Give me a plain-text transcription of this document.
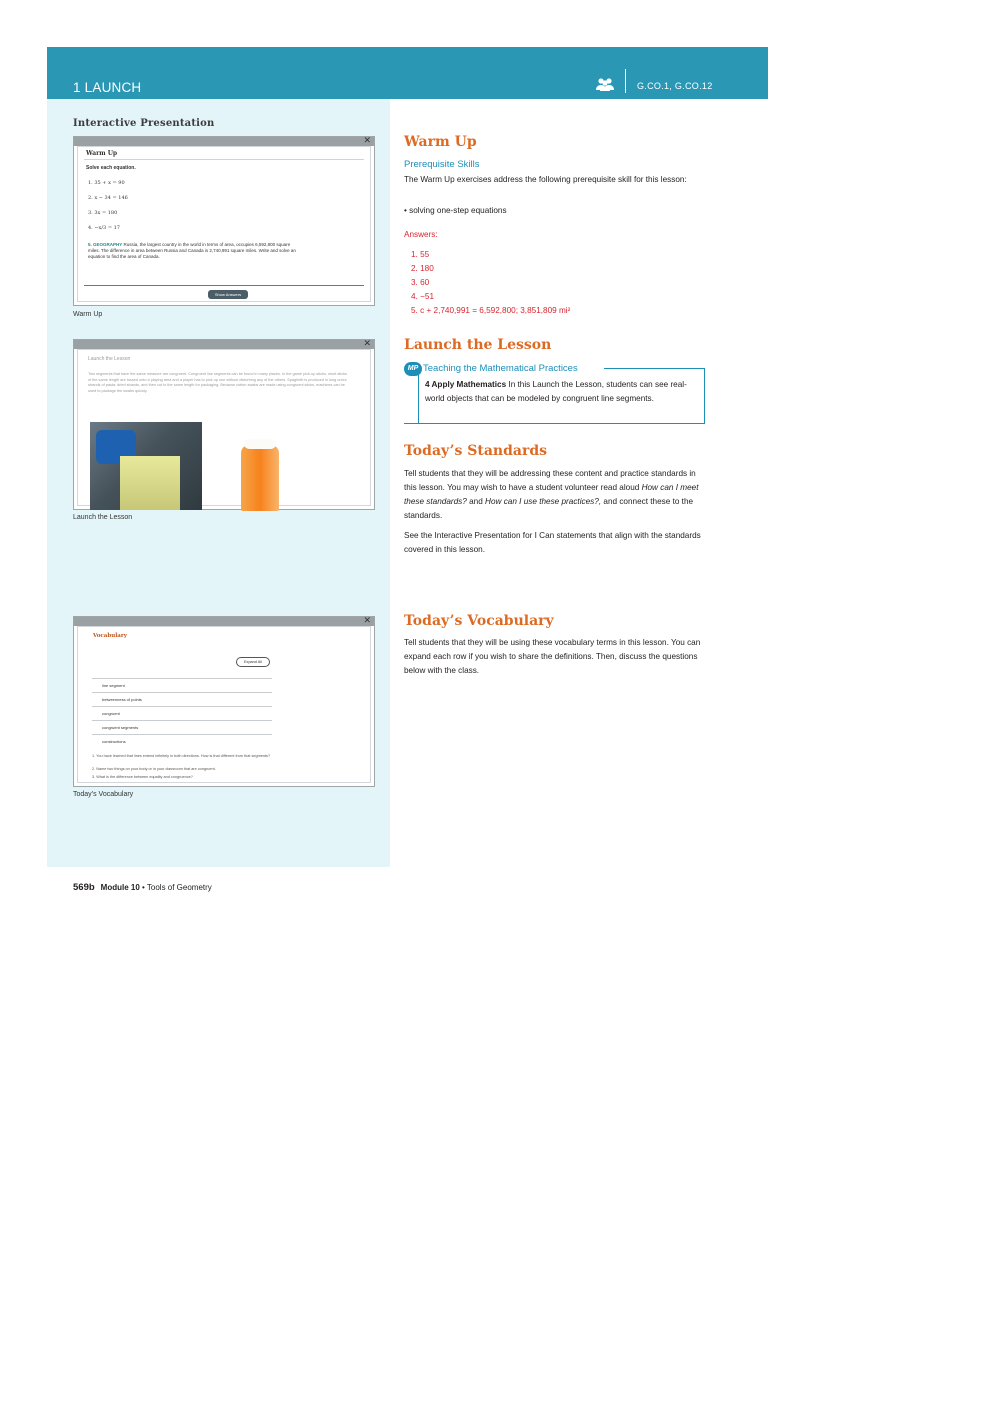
1 LAUNCH	G.CO.1, G.CO.12
Interactive Presentation
✕
Warm Up
Solve each equation.
1. 35 + x = 90
2. x − 34 = 146
3. 3x = 180
4. −x/3 = 17
5. GEOGRAPHY Russia, the largest country in the world in terms of area, occupies 6,592,800 square miles. The difference in area between Russia and Canada is 2,740,991 square miles. Write and solve an equation to find the area of Canada.
Show Answers
Warm Up
✕
Launch the Lesson
Two segments that have the same measure are congruent. Congruent line segments can be found in many places. In the game pick-up sticks, short sticks of the same length are tossed onto a playing area and a player has to pick up one without disturbing any of the others. Spaghetti is produced in long uncut strands of pasta; dried strands, and then cut to the same length for packaging. Because cotton swabs are made using congruent sticks, machines can be used to package the swabs quickly.
Launch the Lesson
✕
Vocabulary
Expand All
line segment
betweenness of points
congruent
congruent segments
constructions
1. You have learned that lines extend infinitely in both directions. How is that different from that segments?
2. Name two things on your body or in your classroom that are congruent.
3. What is the difference between equality and congruence?
Today’s Vocabulary
Warm Up
Prerequisite Skills
The Warm Up exercises address the following prerequisite skill for this lesson:
• solving one-step equations
Answers:
1. 55
2. 180
3. 60
4. −51
5. c + 2,740,991 = 6,592,800; 3,851,809 mi²
Launch the Lesson
MP Teaching the Mathematical Practices
4 Apply Mathematics In this Launch the Lesson, students can see real-world objects that can be modeled by congruent line segments.
Today’s Standards
Tell students that they will be addressing these content and practice standards in this lesson. You may wish to have a student volunteer read aloud How can I meet these standards? and How can I use these practices?, and connect these to the standards.
See the Interactive Presentation for I Can statements that align with the standards covered in this lesson.
Today’s Vocabulary
Tell students that they will be using these vocabulary terms in this lesson. You can expand each row if you wish to share the definitions. Then, discuss the questions below with the class.
569b Module 10 • Tools of Geometry
